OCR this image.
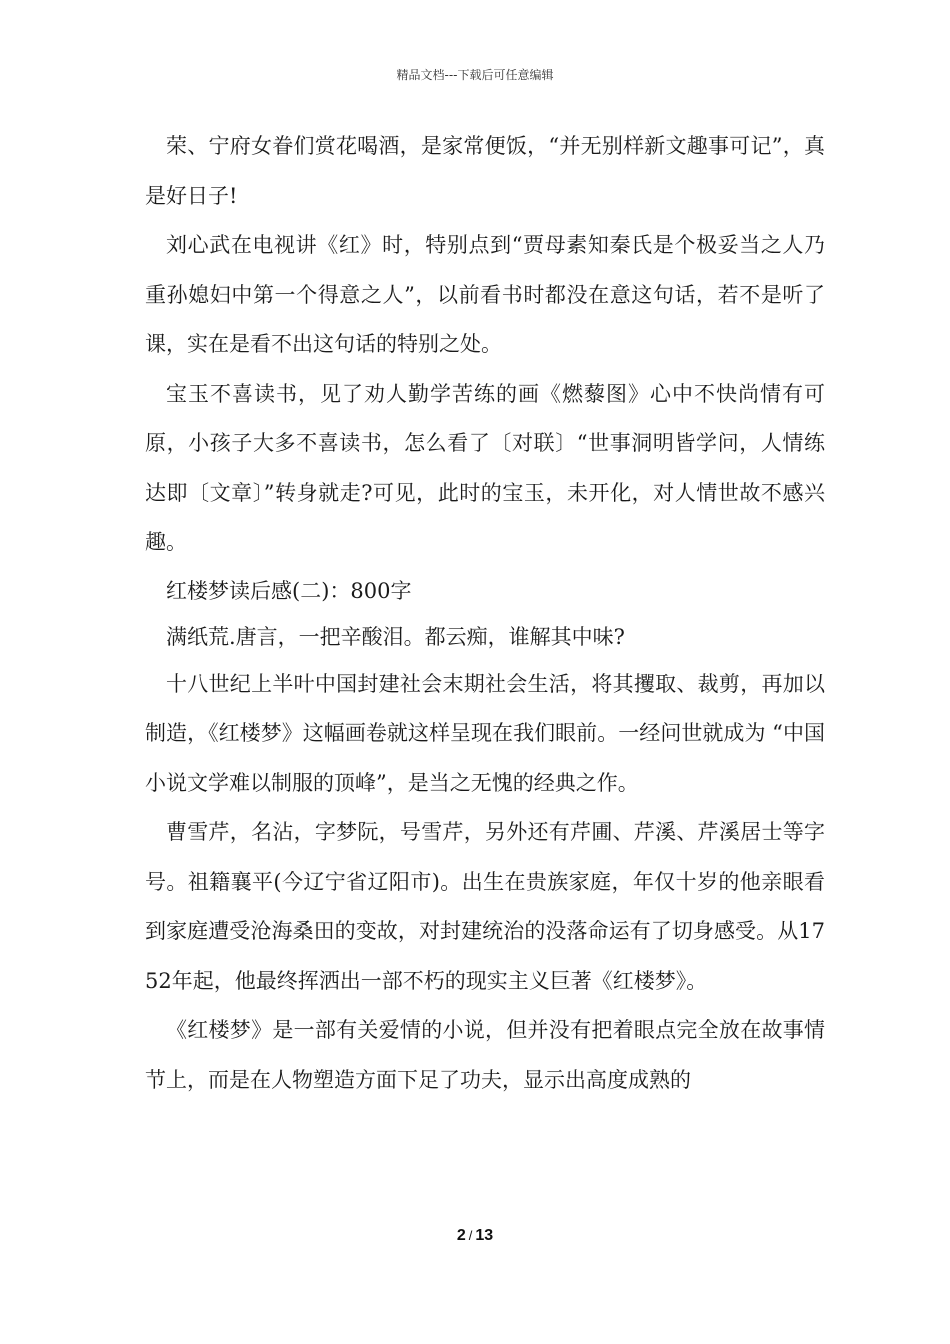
精品文档---下载后可任意编辑

荣、宁府女眷们赏花喝酒，是家常便饭，“并无别样新文趣事可记”，真是好日子!

刘心武在电视讲《红》时，特别点到“贾母素知秦氏是个极妥当之人乃重孙媳妇中第一个得意之人”，以前看书时都没在意这句话，若不是听了课，实在是看不出这句话的特别之处。

宝玉不喜读书，见了劝人勤学苦练的画《燃藜图》心中不快尚情有可原，小孩子大多不喜读书，怎么看了〔对联〕“世事洞明皆学问，人情练达即〔文章〕”转身就走?可见，此时的宝玉，未开化，对人情世故不感兴趣。

红楼梦读后感(二)：800字

满纸荒.唐言，一把辛酸泪。都云痴，谁解其中味?

十八世纪上半叶中国封建社会末期社会生活，将其攫取、裁剪，再加以制造，《红楼梦》这幅画卷就这样呈现在我们眼前。一经问世就成为 “中国小说文学难以制服的顶峰”，是当之无愧的经典之作。

曹雪芹，名沾，字梦阮，号雪芹，另外还有芹圃、芹溪、芹溪居士等字号。祖籍襄平(今辽宁省辽阳市)。出生在贵族家庭，年仅十岁的他亲眼看到家庭遭受沧海桑田的变故，对封建统治的没落命运有了切身感受。从1752年起，他最终挥洒出一部不朽的现实主义巨著《红楼梦》。

《红楼梦》是一部有关爱情的小说，但并没有把着眼点完全放在故事情节上，而是在人物塑造方面下足了功夫，显示出高度成熟的

2 / 13
